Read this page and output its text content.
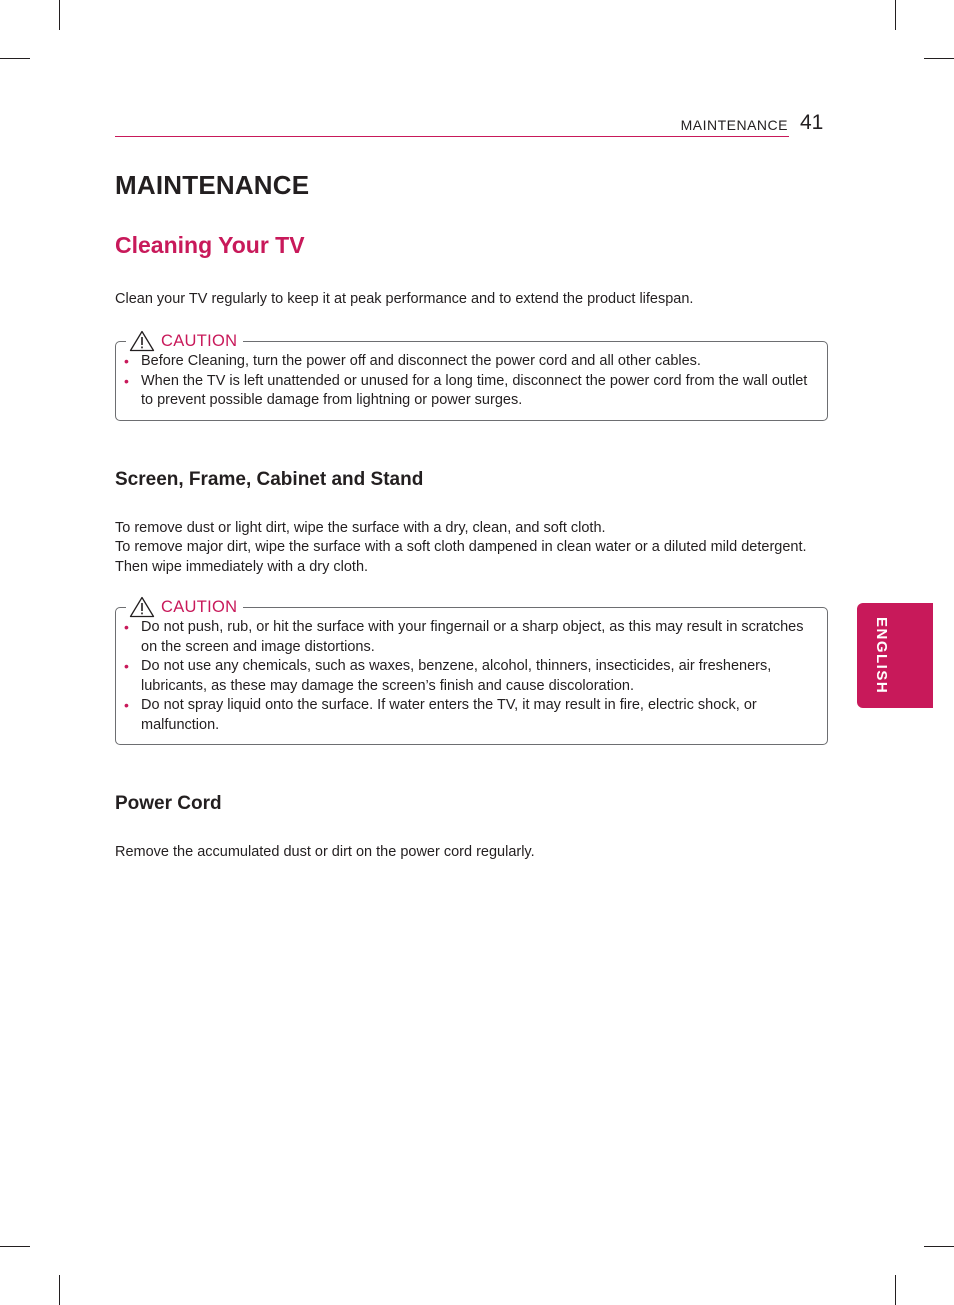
MAINTENANCE 41
MAINTENANCE
Cleaning Your TV

Clean your TV regularly to keep it at peak performance and to extend the product lifespan.

CAUTION
• Before Cleaning, turn the power off and disconnect the power cord and all other cables.
• When the TV is left unattended or unused for a long time, disconnect the power cord from the wall outlet to prevent possible damage from lightning or power surges.
Screen, Frame, Cabinet and Stand

To remove dust or light dirt, wipe the surface with a dry, clean, and soft cloth.

To remove major dirt, wipe the surface with a soft cloth dampened in clean water or a diluted mild detergent. Then wipe immediately with a dry cloth.

CAUTION
• Do not push, rub, or hit the surface with your fingernail or a sharp object, as this may result in scratches on the screen and image distortions.
• Do not use any chemicals, such as waxes, benzene, alcohol, thinners, insecticides, air fresheners, lubricants, as these may damage the screen’s finish and cause discoloration.
• Do not spray liquid onto the surface. If water enters the TV, it may result in fire, electric shock, or malfunction.
Power Cord

Remove the accumulated dust or dirt on the power cord regularly.

ENGLISH
